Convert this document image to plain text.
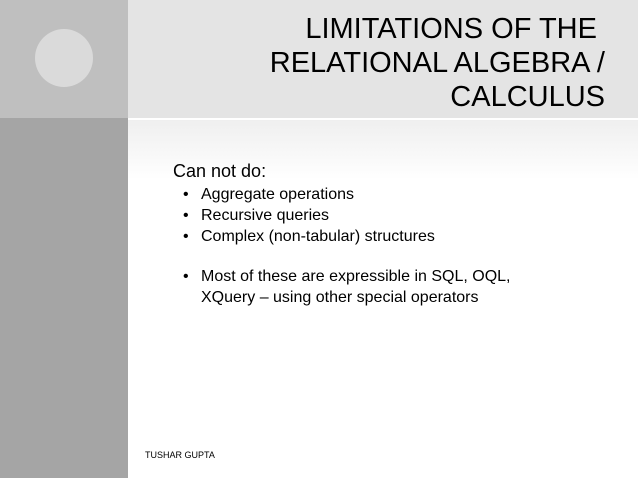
LIMITATIONS OF THE
RELATIONAL ALGEBRA /
CALCULUS

Can not do:

• Aggregate operations
• Recursive queries
• Complex (non-tabular) structures
• Most of these are expressible in SQL, OQL,
XQuery – using other special operators
TUSHAR GUPTA
